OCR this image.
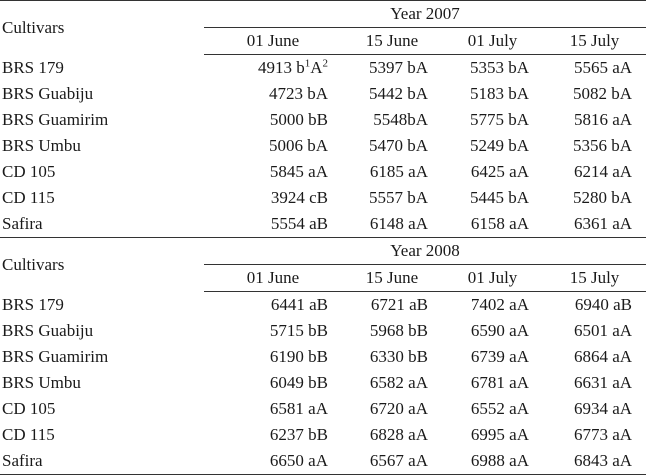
Cultivars	Year 2007			
	01 June	15 June	01 July	15 July
BRS 179	4913 $b^1A^2$	5397 bA	5353 bA	5565 aA
BRS Guabiju	4723 bA	5442 bA	5183 bA	5082 bA
BRS Guamirim	5000 bB	5548bA	5775 bA	5816 aA
BRS Umbu	5006 bA	5470 bA	5249 bA	5356 bA
CD 105	5845 aA	6185 aA	6425 aA	6214 aA
CD 115	3924 cB	5557 bA	5445 bA	5280 bA
Safira	5554 aB	6148 aA	6158 aA	6361 aA
Cultivars	Year 2008			
	01 June	15 June	01 July	15 July
BRS 179	6441 aB	6721 aB	7402 aA	6940 aB
BRS Guabiju	5715 bB	5968 bB	6590 aA	6501 aA
BRS Guamirim	6190 bB	6330 bB	6739 aA	6864 aA
BRS Umbu	6049 bB	6582 aA	6781 aA	6631 aA
CD 105	6581 aA	6720 aA	6552 aA	6934 aA
CD 115	6237 bB	6828 aA	6995 aA	6773 aA
Safira	6650 aA	6567 aA	6988 aA	6843 aA
